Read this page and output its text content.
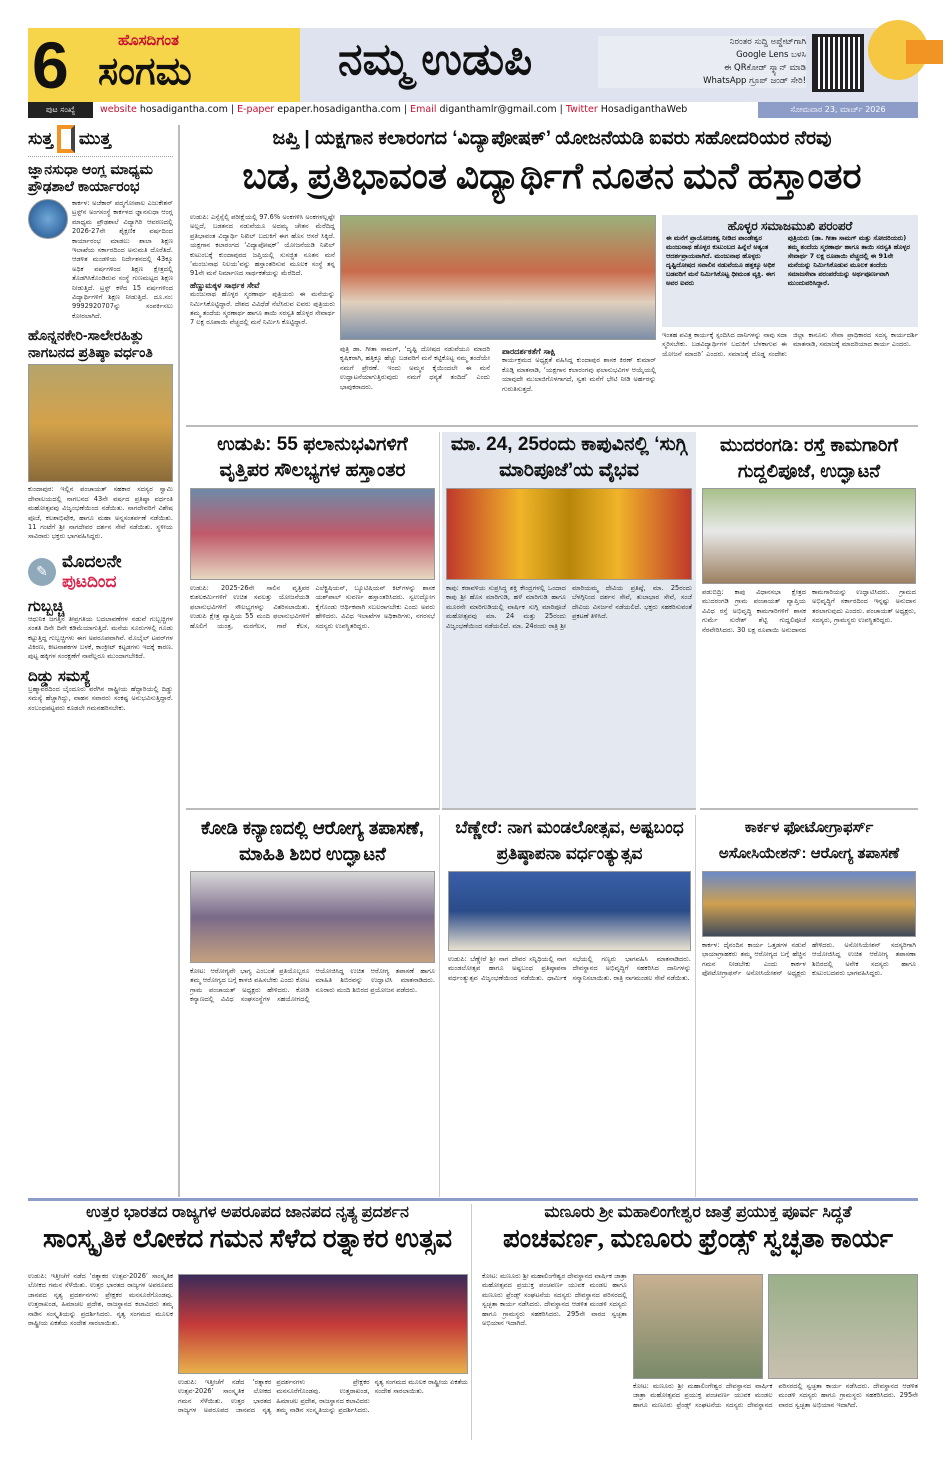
6	ಹೊಸದಿಗಂತ
ಸಂಗಮ	ನಮ್ಮ ಉಡುಪಿ	ನಿರಂತರ ಸುದ್ದಿ ಅಪ್ಡೇಟ್‌ಗಾಗಿ
Google Lens ಬಳಸಿ
ಈ QRಕೋಡ್ ಸ್ಕ್ಯಾನ್ ಮಾಡಿ
WhatsApp ಗ್ರೂಪ್ ಜಂಡ್ ಸೇರಿ!
ಪುಟ ಸಂಖ್ಯೆ	website hosadigantha.com | E-paper epaper.hosadigantha.com | Email diganthamlr@gmail.com | Twitter HosadiganthaWeb	ಸೋಮವಾರ 23, ಮಾರ್ಚ್ 2026
ಸುತ್ತ ಮುತ್ತ
ಜ್ಞಾನಸುಧಾ ಆಂಗ್ಲ ಮಾಧ್ಯಮ ಪ್ರೌಢಶಾಲೆ ಕಾರ್ಯಾರಂಭ
ಕಾರ್ಕಳ: ಅಜೆಕಾರ್ ಪದ್ಮಗೋಪಾಲ ಎಜುಕೇಶನ್ ಟ್ರಸ್ಟ್‌ನ ಅಂಗಸಂಸ್ಥೆ ಕಾರ್ಕಳದ ಜ್ಞಾನಸುಧಾ ಆಂಗ್ಲ ಮಾಧ್ಯಮ ಪ್ರೌಢಶಾಲೆ ವಿದ್ಯಾಗಿರಿ ಆವರಣದಲ್ಲಿ 2026-27ನೇ ಶೈಕ್ಷಣಿಕ ವರ್ಷದಿಂದ ಕಾರ್ಯಾರಂಭ ಮಾಡಲು ಶಾಲಾ ಶಿಕ್ಷಣ ಇಲಾಖೆಯ ಸರ್ಕಾರದಿಂದ ಅನುಮತಿ ದೊರೆತಿದೆ. ಆಡಳಿತ ಮಂಡಳಿಯ ನಿರ್ದೇಶನದಲ್ಲಿ 43ಕ್ಕೂ ಅಧಿಕ ವರ್ಷಗಳಿಂದ ಶಿಕ್ಷಣ ಕ್ಷೇತ್ರದಲ್ಲಿ ತೊಡಗಿಸಿಕೊಂಡಿರುವ ಸಂಸ್ಥೆ ಗುಣಮಟ್ಟದ ಶಿಕ್ಷಣ ನೀಡುತ್ತಿದೆ. ಟ್ರಸ್ಟ್ ಕಳೆದ 15 ವರ್ಷಗಳಿಂದ ವಿದ್ಯಾರ್ಥಿಗಳಿಗೆ ಶಿಕ್ಷಣ ನೀಡುತ್ತಿದೆ. ದೂ.ಸಂ: 9992920707ನ್ನು ಸಂಪರ್ಕಿಸಲು ಕೋರಲಾಗಿದೆ.
ಹೊನ್ನನಕೇರಿ-ಸಾಲೇರಹಿತ್ಲು ನಾಗಬನದ ಪ್ರತಿಷ್ಠಾ ವರ್ಧಂತಿ
ಕುಂದಾಪುರ: ಇಲ್ಲಿನ ಪಂಚಾಯತ್ ಸಹಕಾರ ಸದಸ್ಯರ ಸ್ವಾಮಿ ದೇವಾಲಯದಲ್ಲಿ ನಾಗಬನದ 43ನೇ ವರ್ಷದ ಪ್ರತಿಷ್ಠಾ ವರ್ಧಂತಿ ಮಹೋತ್ಸವವು ವಿಜೃಂಭಣೆಯಿಂದ ನಡೆಯಿತು. ನಾಗದೇವರಿಗೆ ವಿಶೇಷ ಪೂಜೆ, ಕಲಶಾಭಿಷೇಕ, ಹಾಗೂ ಮಹಾ ಅನ್ನಸಂತರ್ಪಣೆ ನಡೆಯಿತು. 11 ಗಂಟೆಗೆ ಶ್ರೀ ನಾಗದೇವರ ದರ್ಶನ ಸೇವೆ ನಡೆಯಿತು. ಸ್ಥಳೀಯ ಸಾವಿರಾರು ಭಕ್ತರು ಭಾಗವಹಿಸಿದ್ದರು.
✎
ಮೊದಲನೇ
ಪುಟದಿಂದ
ಗುಬ್ಬಚ್ಚಿ
ಆಧುನಿಕ ಜಗತ್ತಿನ ತೀವ್ರಗತಿಯ ಬದಲಾವಣೆಗಳ ನಡುವೆ ಗುಬ್ಬಚ್ಚಿಗಳ ಸಂತತಿ ದಿನೇ ದಿನೇ ಕಡಿಮೆಯಾಗುತ್ತಿದೆ. ಮನೆಯ ಸೂರುಗಳಲ್ಲಿ ಗೂಡು ಕಟ್ಟುತ್ತಿದ್ದ ಗುಬ್ಬಚ್ಚಿಗಳು ಈಗ ಅಪರೂಪವಾಗಿವೆ. ಮೊಬೈಲ್ ಟವರ್‌ಗಳ ವಿಕಿರಣ, ಕೀಟನಾಶಕಗಳ ಬಳಕೆ, ಕಾಂಕ್ರೀಟ್ ಕಟ್ಟಡಗಳು ಇದಕ್ಕೆ ಕಾರಣ. ಪುಟ್ಟ ಹಕ್ಕಿಗಳ ಸಂರಕ್ಷಣೆಗೆ ನಾವೆಲ್ಲರೂ ಮುಂದಾಗಬೇಕಿದೆ.
ದಿಡ್ಡು ಸಮಸ್ಯೆ
ಬ್ರಹ್ಮಾವರದಿಂದ ಬೈಂದೂರು ವರೆಗಿನ ರಾಷ್ಟ್ರೀಯ ಹೆದ್ದಾರಿಯಲ್ಲಿ ದಿಡ್ಡು ಸಮಸ್ಯೆ ಹೆಚ್ಚಾಗಿದ್ದು, ವಾಹನ ಸವಾರರು ಸಂಕಷ್ಟ ಅನುಭವಿಸುತ್ತಿದ್ದಾರೆ. ಸಂಬಂಧಪಟ್ಟವರು ಕೂಡಲೇ ಗಮನಹರಿಸಬೇಕು.
ಜಪ್ತಿ | ಯಕ್ಷಗಾನ ಕಲಾರಂಗದ ‘ವಿದ್ಯಾಪೋಷಕ್’ ಯೋಜನೆಯಡಿ ಐವರು ಸಹೋದರಿಯರ ನೆರವು
ಬಡ, ಪ್ರತಿಭಾವಂತ ವಿದ್ಯಾರ್ಥಿಗೆ ನೂತನ ಮನೆ ಹಸ್ತಾಂತರ
ಉಡುಪಿ: ಎಸ್ಸೆಸ್ಸೆಲ್ಸಿ ಪರೀಕ್ಷೆಯಲ್ಲಿ 97.6% ಅಂಕಗಳಿಸಿ ಅಂಕಗಳಲ್ಲಷ್ಟೇ ಅಲ್ಲದೆ, ಬಡತನದ ನಡುವೆಯೂ ಅದಮ್ಯ ಚೇತನ ಮೆರೆದಿದ್ದ ಪ್ರತಿಭಾವಂತ ವಿದ್ಯಾರ್ಥಿ ನಿಖಿಲ್ ಬದುಕಿಗೆ ಈಗ ಹೊಸ ಆಸರೆ ಸಿಕ್ಕಿದೆ. ಯಕ್ಷಗಾನ ಕಲಾರಂಗದ ‘ವಿದ್ಯಾಪೋಷಕ್’ ಯೋಜನೆಯಡಿ ನಿಖಿಲ್ ಕುಟುಂಬಕ್ಕೆ ಕುಂದಾಪುರದ ಜಪ್ತಿಯಲ್ಲಿ ಸುಸಜ್ಜಿತ ನೂತನ ಮನೆ ‘ಮಂಜುನಾಥ ನಿಲಯ’ವನ್ನು ಹಸ್ತಾಂತರಿಸುವ ಮೂಲಕ ಸಂಸ್ಥೆ ತನ್ನ 91ನೇ ಮನೆ ನಿರ್ಮಾಣದ ಸಾರ್ಥಕತೆಯನ್ನು ಮೆರೆದಿದೆ.
ಹೆಣ್ಣುಮಕ್ಕಳ ಸಾರ್ಥಕ ಸೇವೆ
ಮಂಜುನಾಥ ಹೊಳ್ಳರ ಸ್ಮರಣಾರ್ಥ ಪುತ್ರಿಯರು ಈ ಮನೆಯನ್ನು ನಿರ್ಮಿಸಿಕೊಟ್ಟಿದ್ದಾರೆ. ದೇಶದ ವಿವಿಧೆಡೆ ನೆಲೆಸಿರುವ ಐವರು ಪುತ್ರಿಯರು ತಮ್ಮ ತಂದೆಯ ಸ್ಮರಣಾರ್ಥ ಹಾಗೂ ತಾಯಿ ಸರಸ್ವತಿ ಹೊಳ್ಳರ ಸೇವಾರ್ಥ 7 ಲಕ್ಷ ರೂಪಾಯಿ ವೆಚ್ಚದಲ್ಲಿ ಮನೆ ನಿರ್ಮಿಸಿ ಕೊಟ್ಟಿದ್ದಾರೆ.
ಪುತ್ರಿ ಡಾ. ಗೀತಾ ಸಾಮಗ್, ‘ದೃಷ್ಟಿ ದೋಷದ ನಡುವೆಯೂ ಮಾದರಿ ಕೃಷಿಕರಾಗಿ, ಹತ್ತಿಕ್ಕೂ ಹೆಚ್ಚು ಬಡವರಿಗೆ ಮನೆ ಕಟ್ಟಿಕೊಟ್ಟ ನಮ್ಮ ತಂದೆಯೇ ನಮಗೆ ಪ್ರೇರಣೆ. ಇಂದು ಅಮ್ಮನ ಕೈಯಿಂದಲೇ ಈ ಮನೆ ಉದ್ಘಾಟನೆಯಾಗುತ್ತಿರುವುದು ನಮಗೆ ಧನ್ಯತೆ ತಂದಿದೆ’ ಎಂದು ಭಾವುಕರಾದರು.
ಪಾರದರ್ಶಕತೆಗೆ ಸಾಕ್ಷಿ
ಕಾರ್ಯಕ್ರಮದ ಅಧ್ಯಕ್ಷತೆ ವಹಿಸಿದ್ದ ಕುಂದಾಪುರ ಶಾಸಕ ಕಿರಣ್ ಕುಮಾರ್ ಕೊಡ್ಗಿ ಮಾತನಾಡಿ, ‘ಯಕ್ಷಗಾನ ಕಲಾರಂಗವು ಫಲಾನುಭವಿಗಳ ಆಯ್ಕೆಯಲ್ಲಿ ಯಾವುದೇ ಮುಲಾಜಿಗೊಳಗಾಗದೆ, ಸ್ವತಃ ಮನೆಗೆ ಭೇಟಿ ನೀಡಿ ಅರ್ಹರನ್ನು ಗುರುತಿಸುತ್ತದೆ.
ಹೊಳ್ಳರ ಸಮಾಜಮುಖಿ ಪರಂಪರೆ
ಈ ಮನೆಗೆ ಪ್ರಾಯೋಜಕತ್ವ ನೀಡಿದ ಪಾಂಡೇಶ್ವರ ಮಂಜುನಾಥ ಹೊಳ್ಳರ ಕುಟುಂಬದ ಹಿನ್ನೆಲೆ ಅತ್ಯಂತ ಆದರ್ಶಪ್ರಾಯವಾಗಿದೆ. ಮಂಜುನಾಥ ಹೊಳ್ಳರು ದೃಷ್ಟಿದೋಷದ ಸವಾಲಿನ ನಡುವೆಯೂ ಹತ್ತಕ್ಕೂ ಅಧಿಕ ಬಡವರಿಗೆ ಮನೆ ನಿರ್ಮಿಸಿಕೊಟ್ಟ ಧೀಮಂತ ವ್ಯಕ್ತಿ. ಈಗ ಅವರ ಐವರು
ಪುತ್ರಿಯರು (ಡಾ. ಗೀತಾ ಸಾಮಗ್ ಮತ್ತು ಸೋದರಿಯರು) ತಮ್ಮ ತಂದೆಯ ಸ್ಮರಣಾರ್ಥ ಹಾಗೂ ತಾಯಿ ಸರಸ್ವತಿ ಹೊಳ್ಳರ ಸೇವಾರ್ಥ 7 ಲಕ್ಷ ರೂಪಾಯಿ ವೆಚ್ಚದಲ್ಲಿ ಈ 91ನೇ ಮನೆಯನ್ನು ನಿರ್ಮಿಸಿಕೊಡುವ ಮೂಲಕ ತಂದೆಯ ಸಮಾಜಸೇವಾ ಪರಂಪರೆಯನ್ನು ಅರ್ಥಪೂರ್ಣವಾಗಿ ಮುಂದುವರಿಸಿದ್ದಾರೆ.
ಇಂತಹ ಪವಿತ್ರ ಕಾರ್ಯಕ್ಕೆ ಸ್ಪಂದಿಸಿದ ದಾನಿಗಳನ್ನು ನಾವು ಸದಾ ಸ್ಮರಿಸಬೇಕು. ಬಡವಿದ್ಯಾರ್ಥಿಗಳ ಬದುಕಿಗೆ ಬೆಳಕಾಗುವ ಈ ಯೋಜನೆ ಮಾದರಿ’ ಎಂದರು. ಸಮಾಜಕ್ಕೆ ದೊಡ್ಡ ಸಂದೇಶ: ಜಿಲ್ಲಾ ಕಾನೂನು ಸೇವಾ ಪ್ರಾಧಿಕಾರದ ಸದಸ್ಯ ಕಾರ್ಯದರ್ಶಿ ಮಾತನಾಡಿ, ಸಮಾಜಕ್ಕೆ ಮಾದರಿಯಾದ ಕಾರ್ಯ ಎಂದರು.
ಉಡುಪಿ: 55 ಫಲಾನುಭವಿಗಳಿಗೆ ವೃತ್ತಿಪರ ಸೌಲಭ್ಯಗಳ ಹಸ್ತಾಂತರ
ಉಡುಪಿ: 2025-26ನೇ ಸಾಲಿನ ವೃತ್ತಿಪರ ಕುಶಲಕರ್ಮಿಗಳಿಗೆ ಉಚಿತ ಸವಲತ್ತು ಯೋಜನೆಯಡಿ ಫಲಾನುಭವಿಗಳಿಗೆ ಸೌಲಭ್ಯಗಳನ್ನು ವಿತರಿಸಲಾಯಿತು. ಉಡುಪಿ ಕ್ಷೇತ್ರ ವ್ಯಾಪ್ತಿಯ 55 ಮಂದಿ ಫಲಾನುಭವಿಗಳಿಗೆ ಹೊಲಿಗೆ ಯಂತ್ರ, ಮರಗೆಲಸ, ಗಾರೆ ಕೆಲಸ, ಎಲೆಕ್ಟ್ರಿಷಿಯನ್, ಬ್ಯೂಟಿಷಿಯನ್ ಕಿಟ್‌ಗಳನ್ನು ಶಾಸಕ ಯಶ್‌ಪಾಲ್ ಸುವರ್ಣ ಹಸ್ತಾಂತರಿಸಿದರು. ಸ್ವಉದ್ಯೋಗ ಕೈಗೊಂಡು ಆರ್ಥಿಕವಾಗಿ ಸಬಲರಾಗಬೇಕು ಎಂದು ಅವರು ಹೇಳಿದರು. ವಿವಿಧ ಇಲಾಖೆಗಳ ಅಧಿಕಾರಿಗಳು, ನಗರಸಭೆ ಸದಸ್ಯರು ಉಪಸ್ಥಿತರಿದ್ದರು.
ಮಾ. 24, 25ರಂದು ಕಾಪುವಿನಲ್ಲಿ ‘ಸುಗ್ಗಿ ಮಾರಿಪೂಜೆ’ಯ ವೈಭವ
ಕಾಪು: ಕರಾವಳಿಯ ಸುಪ್ರಸಿದ್ಧ ಶಕ್ತಿ ಕೇಂದ್ರಗಳಲ್ಲಿ ಒಂದಾದ ಕಾಪು ಶ್ರೀ ಹೊಸ ಮಾರಿಗುಡಿ, ಹಳೆ ಮಾರಿಗುಡಿ ಹಾಗೂ ಮೂರನೇ ಮಾರಿಗುಡಿಯಲ್ಲಿ ವಾರ್ಷಿಕ ಸುಗ್ಗಿ ಮಾರಿಪೂಜೆ ಮಹೋತ್ಸವವು ಮಾ. 24 ಮತ್ತು 25ರಂದು ವಿಜೃಂಭಣೆಯಿಂದ ನಡೆಯಲಿದೆ. ಮಾ. 24ರಂದು ರಾತ್ರಿ ಶ್ರೀ ಮಾರಿಯಮ್ಮ ದೇವಿಯ ಪ್ರತಿಷ್ಠೆ, ಮಾ. 25ರಂದು ಬೆಳಗ್ಗಿನಿಂದ ದರ್ಶನ ಸೇವೆ, ತುಲಾಭಾರ ಸೇವೆ, ಸಂಜೆ ದೇವಿಯ ವಿಸರ್ಜನೆ ನಡೆಯಲಿದೆ. ಭಕ್ತರು ಸಹಕರಿಸುವಂತೆ ಪ್ರಕಟಣೆ ತಿಳಿಸಿದೆ.
ಮುದರಂಗಡಿ: ರಸ್ತೆ ಕಾಮಗಾರಿಗೆ ಗುದ್ದಲಿಪೂಜೆ, ಉದ್ಘಾಟನೆ
ಪಡುಬಿದ್ರಿ: ಕಾಪು ವಿಧಾನಸಭಾ ಕ್ಷೇತ್ರದ ಮುದರಂಗಡಿ ಗ್ರಾಮ ಪಂಚಾಯತ್ ವ್ಯಾಪ್ತಿಯ ವಿವಿಧ ರಸ್ತೆ ಅಭಿವೃದ್ಧಿ ಕಾಮಗಾರಿಗಳಿಗೆ ಶಾಸಕ ಗುರ್ಮೆ ಸುರೇಶ್ ಶೆಟ್ಟಿ ಗುದ್ದಲಿಪೂಜೆ ನೆರವೇರಿಸಿದರು. 30 ಲಕ್ಷ ರೂಪಾಯಿ ಅನುದಾನದ ಕಾಮಗಾರಿಯನ್ನು ಉದ್ಘಾಟಿಸಿದರು. ಗ್ರಾಮದ ಅಭಿವೃದ್ಧಿಗೆ ಸರ್ಕಾರದಿಂದ ಇನ್ನಷ್ಟು ಅನುದಾನ ತರಲಾಗುವುದು ಎಂದರು. ಪಂಚಾಯತ್ ಅಧ್ಯಕ್ಷರು, ಸದಸ್ಯರು, ಗ್ರಾಮಸ್ಥರು ಉಪಸ್ಥಿತರಿದ್ದರು.
ಕೋಡಿ ಕನ್ಯಾಣದಲ್ಲಿ ಆರೋಗ್ಯ ತಪಾಸಣೆ, ಮಾಹಿತಿ ಶಿಬಿರ ಉದ್ಘಾಟನೆ
ಕೋಟ: ಆರೋಗ್ಯವೇ ಭಾಗ್ಯ ಎಂಬಂತೆ ಪ್ರತಿಯೊಬ್ಬರೂ ತಮ್ಮ ಆರೋಗ್ಯದ ಬಗ್ಗೆ ಕಾಳಜಿ ವಹಿಸಬೇಕು ಎಂದು ಕೋಟ ಗ್ರಾಮ ಪಂಚಾಯತ್ ಅಧ್ಯಕ್ಷರು ಹೇಳಿದರು. ಕೋಡಿ ಕನ್ಯಾಣದಲ್ಲಿ ವಿವಿಧ ಸಂಘಸಂಸ್ಥೆಗಳ ಸಹಯೋಗದಲ್ಲಿ ಆಯೋಜಿಸಿದ್ದ ಉಚಿತ ಆರೋಗ್ಯ ತಪಾಸಣೆ ಹಾಗೂ ಮಾಹಿತಿ ಶಿಬಿರವನ್ನು ಉದ್ಘಾಟಿಸಿ ಮಾತನಾಡಿದರು. ನೂರಾರು ಮಂದಿ ಶಿಬಿರದ ಪ್ರಯೋಜನ ಪಡೆದರು.
ಬೆಣ್ಣೇರೆ: ನಾಗ ಮಂಡಲೋತ್ಸವ, ಅಷ್ಟಬಂಧ ಪ್ರತಿಷ್ಠಾಪನಾ ವರ್ಧಂತ್ಯುತ್ಸವ
ಉಡುಪಿ: ಬೆಣ್ಣೇರೆ ಶ್ರೀ ನಾಗ ದೇವರ ಸನ್ನಿಧಿಯಲ್ಲಿ ನಾಗ ಮಂಡಲೋತ್ಸವ ಹಾಗೂ ಅಷ್ಟಬಂಧ ಪ್ರತಿಷ್ಠಾಪನಾ ವರ್ಧಂತ್ಯುತ್ಸವ ವಿಜೃಂಭಣೆಯಿಂದ ನಡೆಯಿತು. ಧಾರ್ಮಿಕ ಸಭೆಯಲ್ಲಿ ಗಣ್ಯರು ಭಾಗವಹಿಸಿ ಮಾತನಾಡಿದರು. ದೇವಸ್ಥಾನದ ಅಭಿವೃದ್ಧಿಗೆ ಸಹಕರಿಸಿದ ದಾನಿಗಳನ್ನು ಸನ್ಮಾನಿಸಲಾಯಿತು. ರಾತ್ರಿ ನಾಗಮಂಡಲ ಸೇವೆ ನಡೆಯಿತು.
ಕಾರ್ಕಳ ಫೋಟೋಗ್ರಾಫರ್ಸ್ ಅಸೋಸಿಯೇಶನ್: ಆರೋಗ್ಯ ತಪಾಸಣೆ
ಕಾರ್ಕಳ: ದೈನಂದಿನ ಕಾರ್ಯ ಒತ್ತಡಗಳ ನಡುವೆ ಛಾಯಾಗ್ರಾಹಕರು ತಮ್ಮ ಆರೋಗ್ಯದ ಬಗ್ಗೆ ಹೆಚ್ಚಿನ ಗಮನ ನೀಡಬೇಕು ಎಂದು ಕಾರ್ಕಳ ಫೋಟೋಗ್ರಾಫರ್ಸ್ ಅಸೋಸಿಯೇಶನ್ ಅಧ್ಯಕ್ಷರು ಹೇಳಿದರು. ಅಸೋಸಿಯೇಶನ್ ಸದಸ್ಯರಿಗಾಗಿ ಆಯೋಜಿಸಿದ್ದ ಉಚಿತ ಆರೋಗ್ಯ ತಪಾಸಣಾ ಶಿಬಿರದಲ್ಲಿ ಅನೇಕ ಸದಸ್ಯರು ಹಾಗೂ ಕುಟುಂಬದವರು ಭಾಗವಹಿಸಿದ್ದರು.
ಉತ್ತರ ಭಾರತದ ರಾಜ್ಯಗಳ ಅಪರೂಪದ ಜಾನಪದ ನೃತ್ಯ ಪ್ರದರ್ಶನ
ಸಾಂಸ್ಕೃತಿಕ ಲೋಕದ ಗಮನ ಸೆಳೆದ ರತ್ನಾಕರ ಉತ್ಸವ
ಉಡುಪಿ: ಇತ್ತೀಚೆಗೆ ನಡೆದ ‘ರತ್ನಾಕರ ಉತ್ಸವ-2026’ ಸಾಂಸ್ಕೃತಿಕ ಲೋಕದ ಗಮನ ಸೆಳೆಯಿತು. ಉತ್ತರ ಭಾರತದ ರಾಜ್ಯಗಳ ಅಪರೂಪದ ಜಾನಪದ ನೃತ್ಯ ಪ್ರದರ್ಶನಗಳು ಪ್ರೇಕ್ಷಕರ ಮನಸೂರೆಗೊಂಡವು. ಉತ್ತರಾಖಂಡ, ಹಿಮಾಚಲ ಪ್ರದೇಶ, ರಾಜಸ್ಥಾನದ ಕಲಾವಿದರು ತಮ್ಮ ನಾಡಿನ ಸಂಸ್ಕೃತಿಯನ್ನು ಪ್ರದರ್ಶಿಸಿದರು. ನೃತ್ಯ ಸಂಗಮದ ಮೂಲಕ ರಾಷ್ಟ್ರೀಯ ಏಕತೆಯ ಸಂದೇಶ ಸಾರಲಾಯಿತು.
ಉಡುಪಿ: ಇತ್ತೀಚೆಗೆ ನಡೆದ ‘ರತ್ನಾಕರ ಉತ್ಸವ-2026’ ಸಾಂಸ್ಕೃತಿಕ ಲೋಕದ ಗಮನ ಸೆಳೆಯಿತು. ಉತ್ತರ ಭಾರತದ ರಾಜ್ಯಗಳ ಅಪರೂಪದ ಜಾನಪದ ನೃತ್ಯ ಪ್ರದರ್ಶನಗಳು ಪ್ರೇಕ್ಷಕರ ಮನಸೂರೆಗೊಂಡವು. ಉತ್ತರಾಖಂಡ, ಹಿಮಾಚಲ ಪ್ರದೇಶ, ರಾಜಸ್ಥಾನದ ಕಲಾವಿದರು ತಮ್ಮ ನಾಡಿನ ಸಂಸ್ಕೃತಿಯನ್ನು ಪ್ರದರ್ಶಿಸಿದರು. ನೃತ್ಯ ಸಂಗಮದ ಮೂಲಕ ರಾಷ್ಟ್ರೀಯ ಏಕತೆಯ ಸಂದೇಶ ಸಾರಲಾಯಿತು.
ಮಣೂರು ಶ್ರೀ ಮಹಾಲಿಂಗೇಶ್ವರ ಜಾತ್ರೆ ಪ್ರಯುಕ್ತ ಪೂರ್ವ ಸಿದ್ಧತೆ
ಪಂಚವರ್ಣ, ಮಣೂರು ಫ್ರೆಂಡ್ಸ್ ಸ್ವಚ್ಛತಾ ಕಾರ್ಯ
ಕೋಟ: ಮಣೂರು ಶ್ರೀ ಮಹಾಲಿಂಗೇಶ್ವರ ದೇವಸ್ಥಾನದ ವಾರ್ಷಿಕ ಜಾತ್ರಾ ಮಹೋತ್ಸವದ ಪ್ರಯುಕ್ತ ಪಂಚವರ್ಣ ಯುವಕ ಮಂಡಲ ಹಾಗೂ ಮಣೂರು ಫ್ರೆಂಡ್ಸ್ ಸಂಘಟನೆಯ ಸದಸ್ಯರು ದೇವಸ್ಥಾನದ ಪರಿಸರದಲ್ಲಿ ಸ್ವಚ್ಛತಾ ಕಾರ್ಯ ನಡೆಸಿದರು. ದೇವಸ್ಥಾನದ ಆಡಳಿತ ಮಂಡಳಿ ಸದಸ್ಯರು ಹಾಗೂ ಗ್ರಾಮಸ್ಥರು ಸಹಕರಿಸಿದರು. 295ನೇ ವಾರದ ಸ್ವಚ್ಛತಾ ಅಭಿಯಾನ ಇದಾಗಿದೆ.
ಕೋಟ: ಮಣೂರು ಶ್ರೀ ಮಹಾಲಿಂಗೇಶ್ವರ ದೇವಸ್ಥಾನದ ವಾರ್ಷಿಕ ಜಾತ್ರಾ ಮಹೋತ್ಸವದ ಪ್ರಯುಕ್ತ ಪಂಚವರ್ಣ ಯುವಕ ಮಂಡಲ ಹಾಗೂ ಮಣೂರು ಫ್ರೆಂಡ್ಸ್ ಸಂಘಟನೆಯ ಸದಸ್ಯರು ದೇವಸ್ಥಾನದ ಪರಿಸರದಲ್ಲಿ ಸ್ವಚ್ಛತಾ ಕಾರ್ಯ ನಡೆಸಿದರು. ದೇವಸ್ಥಾನದ ಆಡಳಿತ ಮಂಡಳಿ ಸದಸ್ಯರು ಹಾಗೂ ಗ್ರಾಮಸ್ಥರು ಸಹಕರಿಸಿದರು. 295ನೇ ವಾರದ ಸ್ವಚ್ಛತಾ ಅಭಿಯಾನ ಇದಾಗಿದೆ.
